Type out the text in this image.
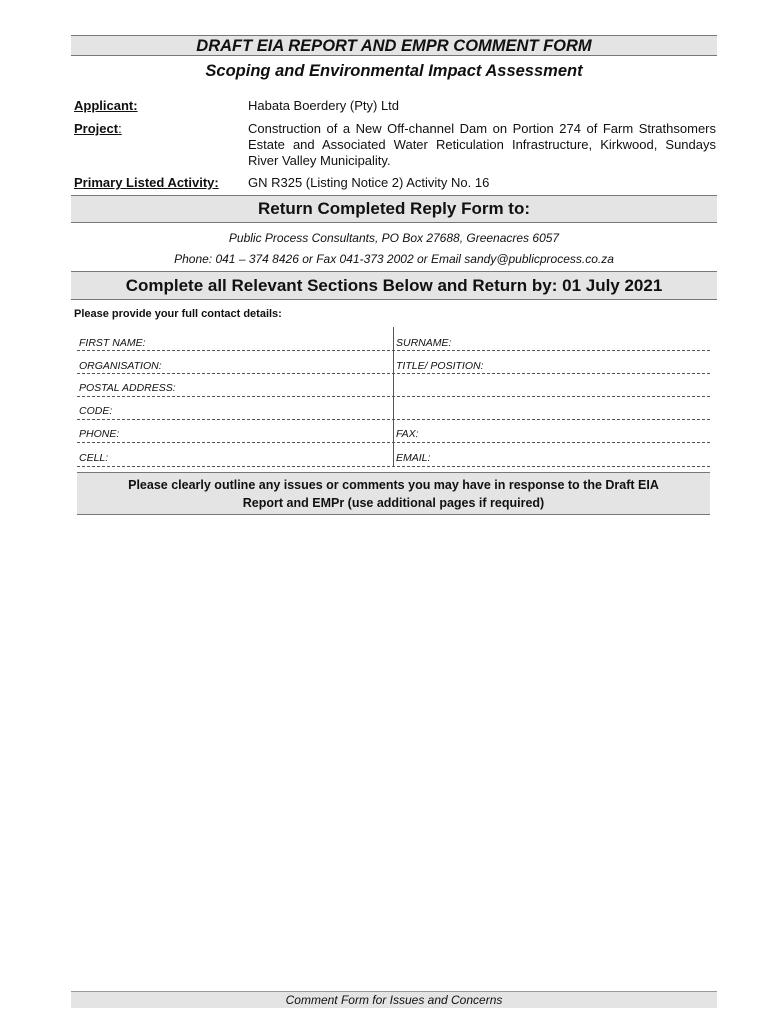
DRAFT EIA REPORT AND EMPR COMMENT FORM
Scoping and Environmental Impact Assessment
Applicant:	Habata Boerdery (Pty) Ltd
Project:	Construction of a New Off-channel Dam on Portion 274 of Farm Strathsomers Estate and Associated Water Reticulation Infrastructure, Kirkwood, Sundays River Valley Municipality.
Primary Listed Activity: GN R325 (Listing Notice 2) Activity No. 16
Return Completed Reply Form to:
Public Process Consultants, PO Box 27688, Greenacres 6057
Phone: 041 – 374 8426 or Fax 041-373 2002 or Email sandy@publicprocess.co.za
Complete all Relevant Sections Below and Return by: 01 July 2021
Please provide your full contact details:
FIRST NAME:	SURNAME:
ORGANISATION:	TITLE/ POSITION:
POSTAL ADDRESS:
CODE:
PHONE:	FAX:
CELL:	EMAIL:
Please clearly outline any issues or comments you may have in response to the Draft EIA
Report and EMPr (use additional pages if required)
Comment Form for Issues and Concerns
